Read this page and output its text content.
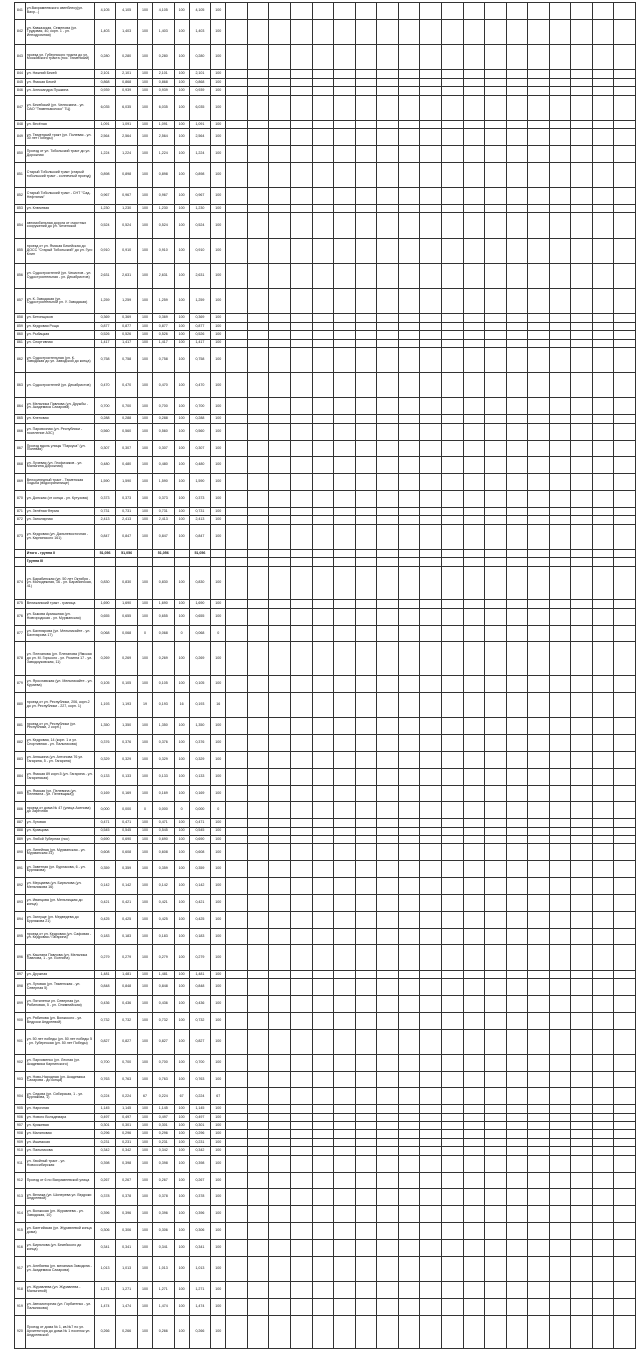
841	ул.Вахрамеевского свенблесу(ул. Вахр...)	4,105	4,105	100	4,105	100	4,105	100																			
842	ул. Кавказская, Семенова (ул. Трудовая, 40, корп. 1 - ул. Ипподромная)	1,403	1,403	100	1,403	100	1,403	100																			
843	проезд ул. Губернского тракта до ул. Московского тракта (пос. Тюменский)	0,280	0,280	100	0,280	100	0,280	100																			
844	ул. Нижний Бекей	2,101	2,101	100	2,101	100	2,101	100																			
845	ул. Ямская Бекей	0,868	0,868	100	0,868	100	0,868	100																			
846	ул. Александра Пушкина	0,939	0,939	100	0,939	100	0,939	100																			
847	ул. Бекейский (ул. Челюскина - ул. ОАО "Тюменьмолоко" ТЦ)	6,035	6,035	100	6,035	100	6,035	100																			
848	ул. Весёлая	1,091	1,091	100	1,091	100	1,091	100																			
849	ул. Тюменский тракт (ул. Полевая - ул. 30 лет Победы)	2,564	2,564	100	2,564	100	2,564	100																			
850	Проезд от ул. Тобольский тракт до ул. Дорожная	1,224	1,224	100	1,224	100	1,224	100																			
851	Старый Тобольский тракт (старый тобольский тракт - солнечный проезд)	0,898	0,898	100	0,898	100	0,898	100																			
852	Старый Тобольский тракт - СНТ "Сад-Нефтяник"	0,967	0,967	100	0,967	100	0,967	100																			
853	ул. Ключевая	1,230	1,230	100	1,230	100	1,230	100																			
854	автомобильная дорога от очистных сооружений до ул. Чеченской	0,524	0,524	100	0,524	100	0,524	100																			
855	проезд от ул. Ямская Бекейская до ДОСС "Старый Тобольский" до ул. Гуго Клин	0,910	0,910	100	0,910	100	0,910	100																			
856	ул. Судостроителей (ул. Чекистов - ул. Судостроительная - ул. Декабристов)	2,631	2,631	100	2,631	100	2,631	100																			
857	ул. К. Заводская (ул. Судостроительной ул. У. Заводская)	1,259	1,259	100	1,259	100	1,259	100																			
858	ул. Бетонщиков	0,369	0,369	100	0,369	100	0,369	100																			
859	ул. Кедровая Роща	0,877	0,877	100	0,877	100	0,877	100																			
860	ул. Рыбацкая	0,526	0,526	100	0,526	100	0,526	100																			
861	ул. Спортивная	1,417	1,417	100	1,417	100	1,417	100																			
862	ул. Судостроительная (ул. К. Заводская до ул. Заводской до конца)	0,758	0,758	100	0,758	100	0,758	100																			
863	ул. Судостроителей (ул. Декабристов)	0,470	0,470	100	0,470	100	0,470	100																			
864	ул. Мельника Павлова (ул. Дружбы - ул. Академика Сахарова)	0,700	0,700	100	0,700	100	0,700	100																			
865	ул. Кленовая	0,288	0,288	100	0,288	100	0,288	100																			
866	ул. Паровозная (ул. Республики - поселение АЗС)	0,560	0,560	100	0,560	100	0,560	100																			
867	Проезд вдоль улицы "Паркуса" (ул. Полевая)	0,307	0,307	100	0,307	100	0,307	100																			
868	ул. Лучевая (ул. Геофизиков - ул. Малыгина Дорожная)	0,480	0,480	100	0,480	100	0,480	100																			
869	Велосипедный тракт - Тюменская Ходьба (водохранилище)	1,590	1,590	100	1,590	100	1,590	100																			
870	ул. Донская (от конца - ул. Кутузова)	0,373	0,373	100	0,373	100	0,373	100																			
871	ул. Зелёная Ферма	0,731	0,731	100	0,731	100	0,731	100																			
872	ул. Заполярная	2,413	2,413	100	2,413	100	2,413	100																			
873	ул. Кедровая (ул. Дальневосточная - ул. Карпинского 161)	0,847	0,847	100	0,847	100	0,847	100																			
	Итого - группа II	51,056	51,056		51,056		51,056																				
	Группа III																										
874	ул. Барабинская (ул. 50 лет Октября - ул. Молодежная, 16 - ул. Барабинская, 41)	0,830	0,830	100	0,830	100	0,830	100																			
875	Велижанский тракт - граница	1,690	1,690	100	1,690	100	1,690	100																			
876	ул. Быкова Армашная (ул. Новгородская - ул. Мурманская)	0,655	0,655	100	0,655	100	0,655	100																			
877	ул. Бахтиярова (ул. Мельникайте - ул. Бахтиярова 17)	0,068	0,068	0	0,068	0	0,068	0																			
878	ул. Плеханова (ул. Плеханова (Ямская до ул. М. Горького - ул. Розинга 17 - ул. Заводоуковская, 11)	0,269	0,269	100	0,269	100	0,269	100																			
879	ул. Ярославская (ул. Мельникайте - ул. Кураева)	0,105	0,105	100	0,105	100	0,105	100																			
880	проезд от ул. Республики, 206, корп.2 до ул. Республики - 227, корп. 1)	1,193	1,193	19	0,193	16	0,193	16																			
881	проезд от ул. Республики (ул. Республики, 2 корп.)	1,350	1,350	100	1,350	100	1,350	100																			
882	ул. Кедровая, 14 (корп. 1 и ул. Спортивная - ул. Пальникова)	0,376	0,376	100	0,376	100	0,376	100																			
883	ул. Анюшина (ул. Антонова 76 ул. Гагарина, 5 - ул. Гагарина)	0,329	0,329	100	0,329	100	0,329	100																			
884	ул. Ямская 89 корп.5 (ул. Гагарина - ул. Гагаринская)	0,133	0,133	100	0,133	100	0,133	100																			
885	ул. Ямская (ул. Пелевина (ул. Пелевина - ул. Пелевщика))	0,169	0,169	100	0,169	100	0,169	100																			
886	проезд от дома № 47 (улица Асенова) до Заречная	0,000	0,000	0	0,000	0	0,000	0																			
887	ул. Луговая	0,471	0,471	100	0,471	100	0,471	100																			
888	ул. Кравцова	0,545	0,545	100	0,545	100	0,545	100																			
889	ул. Любой Губернии (пос)	0,690	0,690	100	0,690	100	0,690	100																			
890	ул. Линейная (ул. Мурманская - ул. Мурманская 31)	0,608	0,608	100	0,608	100	0,608	100																			
891	ул. Заветная (ул. Бурлакова, 6 - ул. Бурлакова)	0,359	0,359	100	0,359	100	0,359	100																			
892	ул. Мерцаева (ул. Бирюлова (ул. Мельникова 16)	0,142	0,142	100	0,142	100	0,142	100																			
893	ул. Иванцова (ул. Мельницкая до конца)	0,421	0,421	100	0,421	100	0,421	100																			
894	ул. Заглуще (ул. Медведева до Бурлакова 21)	0,425	0,425	100	0,425	100	0,425	100																			
895	проезд от ул. Кедровая (ул. Сафовая - ул. Кедровая / Гагарина)	0,183	0,183	100	0,183	100	0,183	100																			
896	ул. Каштана Павлова (ул. Мельника Павлова, 1 - ул. Есенина)	0,279	0,279	100	0,279	100	0,279	100																			
897	ул. Дружная	1,481	1,481	100	1,481	100	1,481	100																			
898	ул. Луговая (ул. Тюменская - ул. Северная 5)	0,848	0,848	100	0,848	100	0,848	100																			
899	ул. Пятилетки ул. Северная (ул. Рябиновая, 5 - ул. Олимпийская)	0,436	0,436	100	0,436	100	0,436	100																			
900	ул. Рябинова (ул. Волжского - ул. Ведроки Андреевой)	0,732	0,732	100	0,732	100	0,732	100																			
901	ул. 50 лет победы (ул. 50 лет победы 5 - ул. Губернская (ул. 50 лет Победы)	0,827	0,827	100	0,827	100	0,827	100																			
902	ул. Пархоменко (ул. Лесная (ул. Академика Карпинского)	0,700	0,700	100	0,700	100	0,700	100																			
903	ул. Ново-Народная (ул. Академика Сахарова - до конца)	0,763	0,763	100	0,763	100	0,763	100																			
904	ул. Седова (ул. Сибирская, 1 - ул. Бурлакова, 1)	0,224	0,224	67	0,224	67	0,224	67																			
905	ул. Нарочная	1,145	1,145	100	1,145	100	1,145	100																			
906	ул. Нового Вольдемара	0,497	0,497	100	0,497	100	0,497	100																			
907	ул. Кряжевая	0,301	0,301	100	0,301	100	0,301	100																			
908	ул. Малиновая	0,296	0,296	100	0,296	100	0,296	100																			
909	ул. Ишимская	0,231	0,231	100	0,231	100	0,231	100																			
910	ул. Пальникова	0,342	0,342	100	0,342	100	0,342	100																			
911	ул. Хвойный тракт - ул. Новоссибирская	0,398	0,398	100	0,398	100	0,398	100																			
912	Проезд от 6 по Вахрамеевской улица	0,267	0,267	100	0,267	100	0,267	100																			
913	ул. Велижа (ул. Шонерева ул. Ведроки Андреевой)	0,378	0,378	100	0,378	100	0,378	100																			
914	ул. Волжская (ул. Журавлева - ул. Заводская, 10)	0,396	0,396	100	0,396	100	0,396	100																			
915	ул. Балтийская (ул. Журавлевой конца дома)	0,306	0,306	100	0,306	100	0,306	100																			
916	ул. Бирюлова (ул. Бекейского до конца)	0,341	0,341	100	0,341	100	0,341	100																			
917	ул. Алебяева (ул. механика Заводина - ул. Академика Сахарова)	1,013	1,013	100	1,013	100	1,013	100																			
918	ул. Журавлева (ул. Журавлева - Малыгиной)	1,271	1,271	100	1,271	100	1,271	100																			
919	ул. Автомоторная (ул. Горбатенко - ул. Пальникова)	1,474	1,474	100	1,474	100	1,474	100																			
920	Проезд от дома № 1, кв.№7 по ул. Архитектора до дома № 1 поселок ул. Андреевской	0,266	0,266	100	0,266	100	0,266	100																			
